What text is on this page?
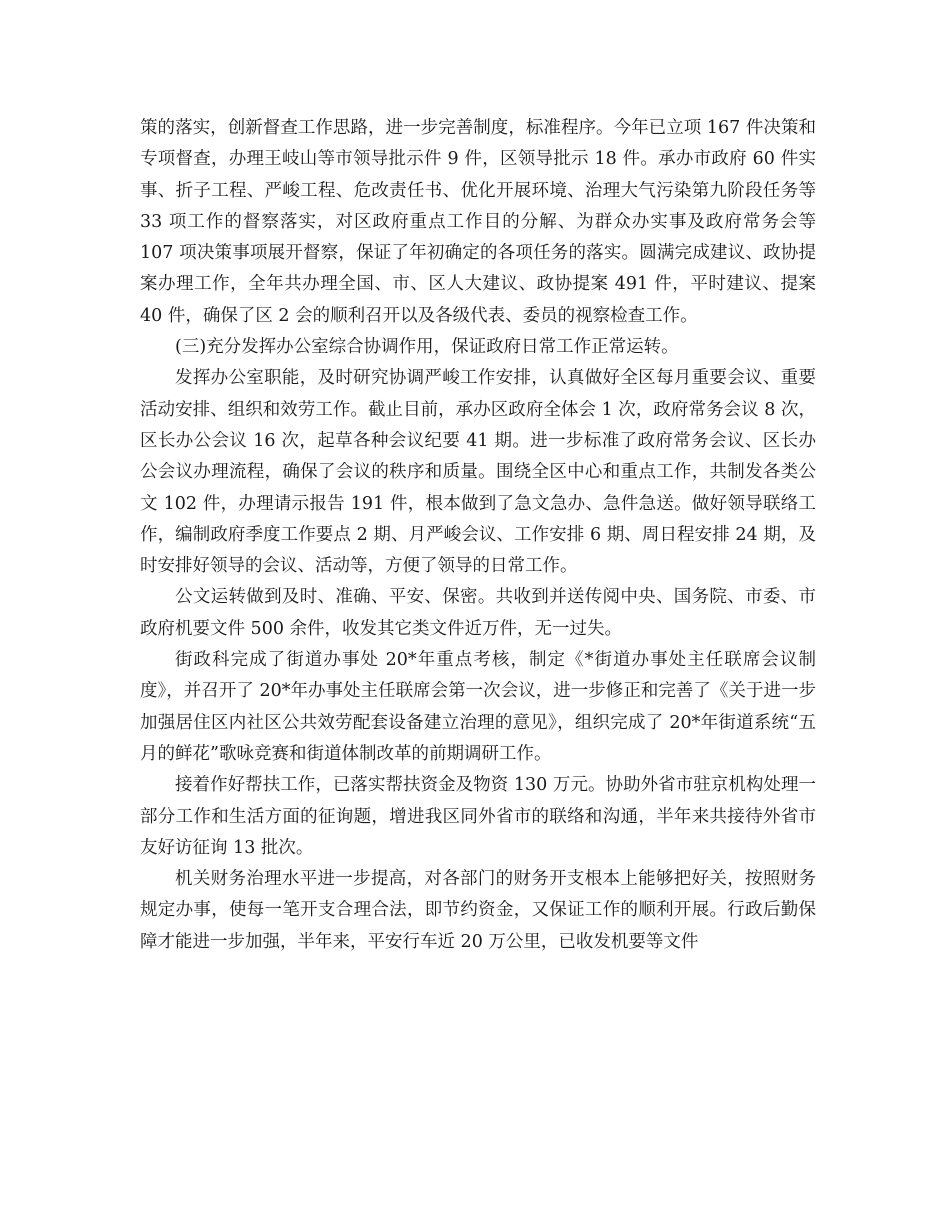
策的落实，创新督查工作思路，进一步完善制度，标准程序。今年已立项 167 件决策和专项督查，办理王岐山等市领导批示件 9 件，区领导批示 18 件。承办市政府 60 件实事、折子工程、严峻工程、危改责任书、优化开展环境、治理大气污染第九阶段任务等 33 项工作的督察落实，对区政府重点工作目的分解、为群众办实事及政府常务会等 107 项决策事项展开督察，保证了年初确定的各项任务的落实。圆满完成建议、政协提案办理工作，全年共办理全国、市、区人大建议、政协提案 491 件，平时建议、提案 40 件，确保了区 2 会的顺利召开以及各级代表、委员的视察检查工作。

(三)充分发挥办公室综合协调作用，保证政府日常工作正常运转。

发挥办公室职能，及时研究协调严峻工作安排，认真做好全区每月重要会议、重要活动安排、组织和效劳工作。截止目前，承办区政府全体会 1 次，政府常务会议 8 次，区长办公会议 16 次，起草各种会议纪要 41 期。进一步标准了政府常务会议、区长办公会议办理流程，确保了会议的秩序和质量。围绕全区中心和重点工作，共制发各类公文 102 件，办理请示报告 191 件，根本做到了急文急办、急件急送。做好领导联络工作，编制政府季度工作要点 2 期、月严峻会议、工作安排 6 期、周日程安排 24 期，及时安排好领导的会议、活动等，方便了领导的日常工作。

公文运转做到及时、准确、平安、保密。共收到并送传阅中央、国务院、市委、市政府机要文件 500 余件，收发其它类文件近万件，无一过失。

街政科完成了街道办事处 20*年重点考核，制定《*街道办事处主任联席会议制度》，并召开了 20*年办事处主任联席会第一次会议，进一步修正和完善了《关于进一步加强居住区内社区公共效劳配套设备建立治理的意见》，组织完成了 20*年街道系统“五月的鲜花”歌咏竞赛和街道体制改革的前期调研工作。

接着作好帮扶工作，已落实帮扶资金及物资 130 万元。协助外省市驻京机构处理一部分工作和生活方面的征询题，增进我区同外省市的联络和沟通，半年来共接待外省市友好访征询 13 批次。

机关财务治理水平进一步提高，对各部门的财务开支根本上能够把好关，按照财务规定办事，使每一笔开支合理合法，即节约资金，又保证工作的顺利开展。行政后勤保障才能进一步加强，半年来，平安行车近 20 万公里，已收发机要等文件
